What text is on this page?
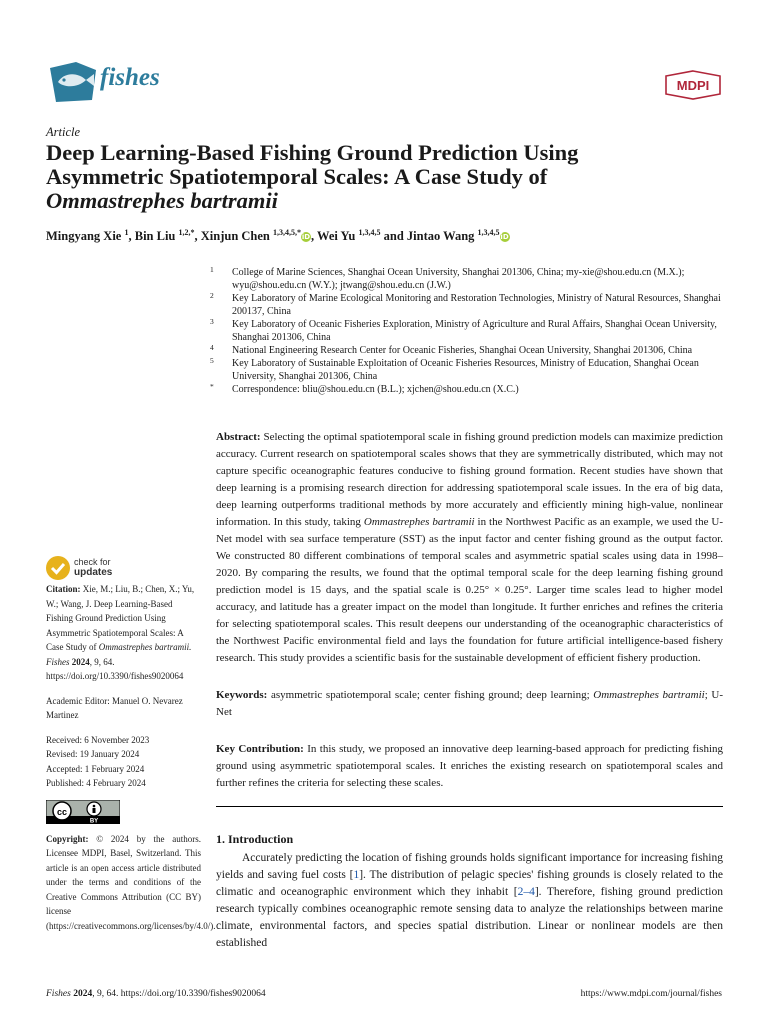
fishes	MDPI
Article
Deep Learning-Based Fishing Ground Prediction Using
Asymmetric Spatiotemporal Scales: A Case Study of
Ommastrephes bartramii
Mingyang Xie $^1$, Bin Liu $^{1,2,*}$, Xinjun Chen $^{1,3,4,5,*}$iD, Wei Yu $^{1,3,4,5}$ and Jintao Wang $^{1,3,4,5}$iD
1 College of Marine Sciences, Shanghai Ocean University, Shanghai 201306, China; my-xie@shou.edu.cn (M.X.); wyu@shou.edu.cn (W.Y.); jtwang@shou.edu.cn (J.W.)
2 Key Laboratory of Marine Ecological Monitoring and Restoration Technologies, Ministry of Natural Resources, Shanghai 200137, China
3 Key Laboratory of Oceanic Fisheries Exploration, Ministry of Agriculture and Rural Affairs, Shanghai Ocean University, Shanghai 201306, China
4 National Engineering Research Center for Oceanic Fisheries, Shanghai Ocean University, Shanghai 201306, China
5 Key Laboratory of Sustainable Exploitation of Oceanic Fisheries Resources, Ministry of Education, Shanghai Ocean University, Shanghai 201306, China
* Correspondence: bliu@shou.edu.cn (B.L.); xjchen@shou.edu.cn (X.C.)
check for
updates

Citation: Xie, M.; Liu, B.; Chen, X.; Yu, W.; Wang, J. Deep Learning-Based Fishing Ground Prediction Using Asymmetric Spatiotemporal Scales: A Case Study of Ommastrephes bartramii. Fishes 2024, 9, 64. https://doi.org/10.3390/fishes9020064

Academic Editor: Manuel O. Nevarez Martinez

Received: 6 November 2023

Revised: 19 January 2024

Accepted: 1 February 2024

Published: 4 February 2024

cc
BY

Copyright: © 2024 by the authors. Licensee MDPI, Basel, Switzerland. This article is an open access article distributed under the terms and conditions of the Creative Commons Attribution (CC BY) license (https://creativecommons.org/licenses/by/4.0/).

Abstract: Selecting the optimal spatiotemporal scale in fishing ground prediction models can maximize prediction accuracy. Current research on spatiotemporal scales shows that they are symmetrically distributed, which may not capture specific oceanographic features conducive to fishing ground formation. Recent studies have shown that deep learning is a promising research direction for addressing spatiotemporal scale issues. In the era of big data, deep learning outperforms traditional methods by more accurately and efficiently mining high-value, nonlinear information. In this study, taking Ommastrephes bartramii in the Northwest Pacific as an example, we used the U-Net model with sea surface temperature (SST) as the input factor and center fishing ground as the output factor. We constructed 80 different combinations of temporal scales and asymmetric spatial scales using data in 1998–2020. By comparing the results, we found that the optimal temporal scale for the deep learning fishing ground prediction model is 15 days, and the spatial scale is 0.25° × 0.25°. Larger time scales lead to higher model accuracy, and latitude has a greater impact on the model than longitude. It further enriches and refines the criteria for selecting spatiotemporal scales. This result deepens our understanding of the oceanographic characteristics of the Northwest Pacific environmental field and lays the foundation for future artificial intelligence-based fishery research. This study provides a scientific basis for the sustainable development of efficient fishery production.

Keywords: asymmetric spatiotemporal scale; center fishing ground; deep learning; Ommastrephes bartramii; U-Net

Key Contribution: In this study, we proposed an innovative deep learning-based approach for predicting fishing ground using asymmetric spatiotemporal scales. It enriches the existing research on spatiotemporal scales and further refines the criteria for selecting these scales.

1. Introduction
Accurately predicting the location of fishing grounds holds significant importance for increasing fishing yields and saving fuel costs [1]. The distribution of pelagic species' fishing grounds is closely related to the climatic and oceanographic environment which they inhabit [2–4]. Therefore, fishing ground prediction research typically combines oceanographic remote sensing data to analyze the relationships between marine climate, environmental factors, and species spatial distribution. Linear or nonlinear models are then established
Fishes 2024, 9, 64. https://doi.org/10.3390/fishes9020064	https://www.mdpi.com/journal/fishes
